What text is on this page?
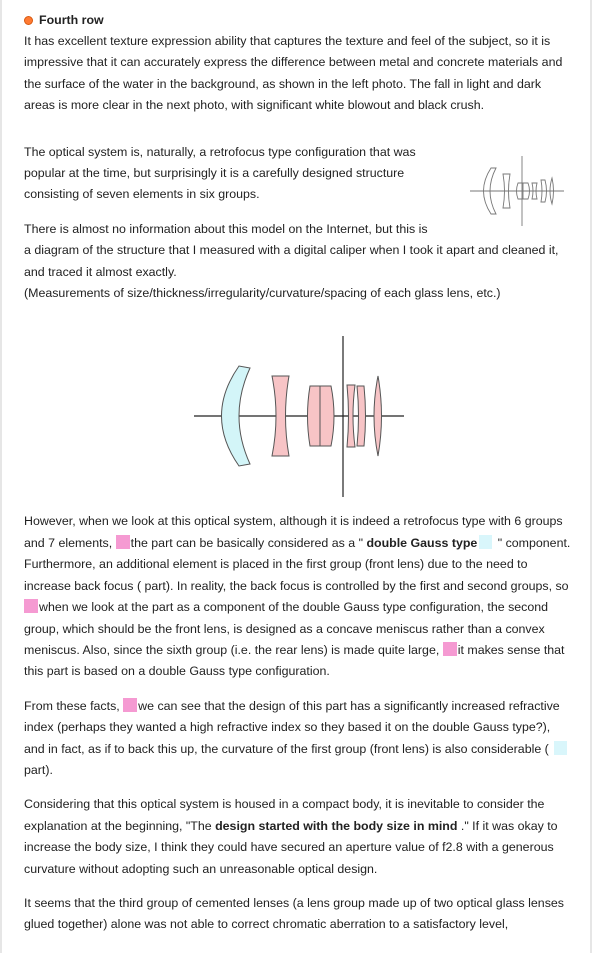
Fourth row

It has excellent texture expression ability that captures the texture and feel of the subject, so it is impressive that it can accurately express the difference between metal and concrete materials and the surface of the water in the background, as shown in the left photo. The fall in light and dark areas is more clear in the next photo, with significant white blowout and black crush.

The optical system is, naturally, a retrofocus type configuration that was popular at the time, but surprisingly it is a carefully designed structure consisting of seven elements in six groups.

There is almost no information about this model on the Internet, but this is
a diagram of the structure that I measured with a digital caliper when I took it apart and cleaned it, and traced it almost exactly.
(Measurements of size/thickness/irregularity/curvature/spacing of each glass lens, etc.)

However, when we look at this optical system, although it is indeed a retrofocus type with 6 groups and 7 elements, the part can be basically considered as a " double Gauss type " component. Furthermore, an additional element is placed in the first group (front lens) due to the need to increase back focus ( part). In reality, the back focus is controlled by the first and second groups, so when we look at the part as a component of the double Gauss type configuration, the second group, which should be the front lens, is designed as a concave meniscus rather than a convex meniscus. Also, since the sixth group (i.e. the rear lens) is made quite large, it makes sense that this part is based on a double Gauss type configuration.

From these facts, we can see that the design of this part has a significantly increased refractive index (perhaps they wanted a high refractive index so they based it on the double Gauss type?), and in fact, as if to back this up, the curvature of the first group (front lens) is also considerable ( part).

Considering that this optical system is housed in a compact body, it is inevitable to consider the explanation at the beginning, "The design started with the body size in mind ." If it was okay to increase the body size, I think they could have secured an aperture value of f2.8 with a generous curvature without adopting such an unreasonable optical design.

It seems that the third group of cemented lenses (a lens group made up of two optical glass lenses glued together) alone was not able to correct chromatic aberration to a satisfactory level,
